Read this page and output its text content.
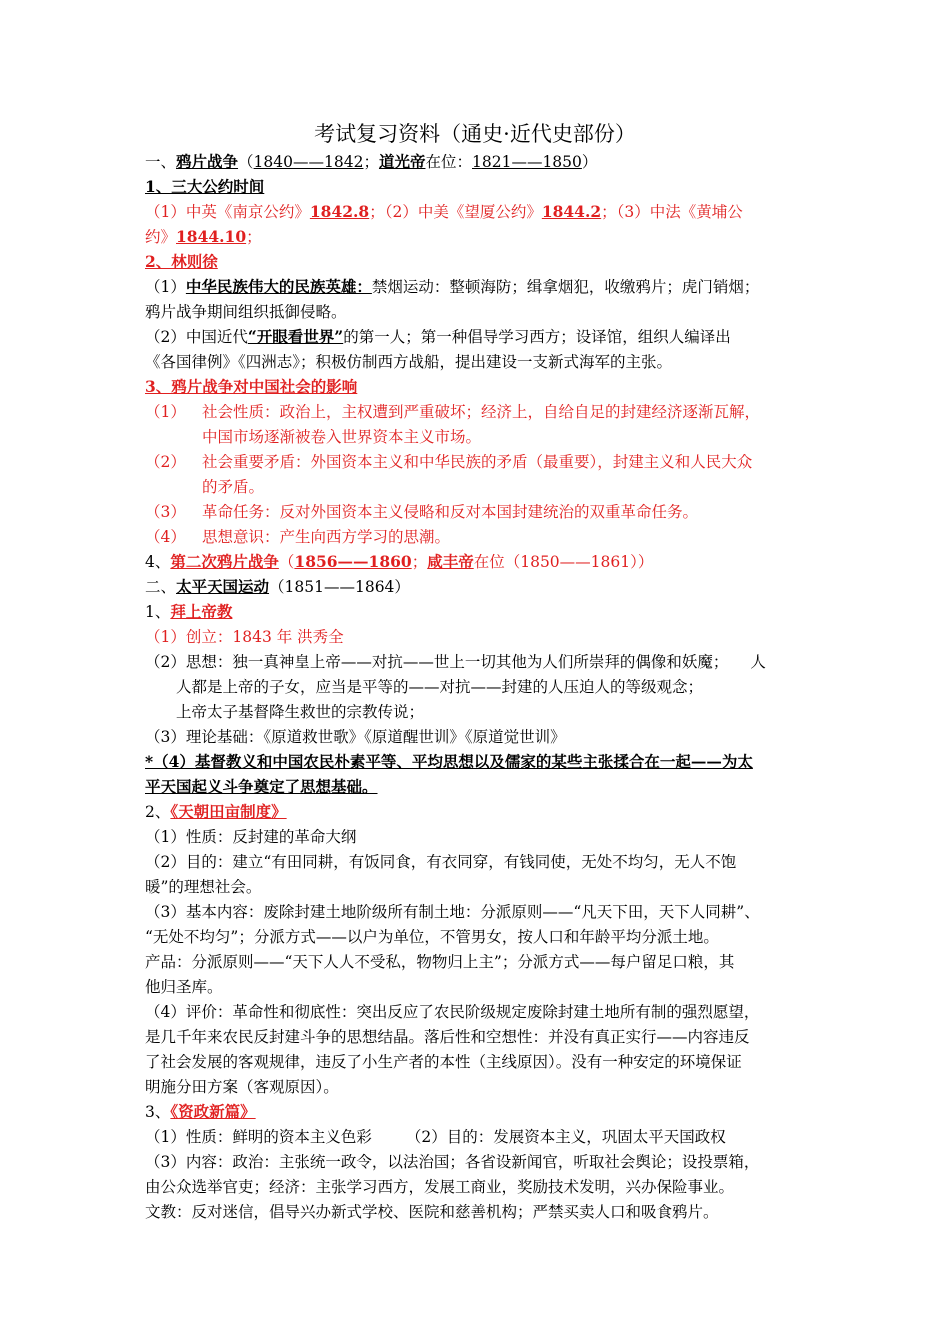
考试复习资料（通史·近代史部份）
一、鸦片战争（1840——1842；道光帝在位：1821——1850）
1、三大公约时间
（1）中英《南京公约》1842.8；（2）中美《望厦公约》1844.2；（3）中法《黄埔公
约》1844.10；
2、林则徐
（1）中华民族伟大的民族英雄：禁烟运动：整顿海防；缉拿烟犯，收缴鸦片；虎门销烟；
鸦片战争期间组织抵御侵略。
（2）中国近代“开眼看世界”的第一人；第一种倡导学习西方；设译馆，组织人编译出
《各国律例》《四洲志》；积极仿制西方战船，提出建设一支新式海军的主张。
3、鸦片战争对中国社会的影响
（1） 社会性质：政治上，主权遭到严重破坏；经济上，自给自足的封建经济逐渐瓦解，
中国市场逐渐被卷入世界资本主义市场。
（2） 社会重要矛盾：外国资本主义和中华民族的矛盾（最重要），封建主义和人民大众
的矛盾。
（3） 革命任务：反对外国资本主义侵略和反对本国封建统治的双重革命任务。
（4） 思想意识：产生向西方学习的思潮。
4、第二次鸦片战争（1856——1860；咸丰帝在位（1850——1861））
二、太平天国运动（1851——1864）
1、拜上帝教
（1）创立：1843 年 洪秀全
（2）思想：独一真神皇上帝——对抗——世上一切其他为人们所崇拜的偶像和妖魔； 人
人都是上帝的子女，应当是平等的——对抗——封建的人压迫人的等级观念；
上帝太子基督降生救世的宗教传说；
（3）理论基础：《原道救世歌》《原道醒世训》《原道觉世训》
*（4）基督教义和中国农民朴素平等、平均思想以及儒家的某些主张揉合在一起——为太
平天国起义斗争奠定了思想基础。
2、《天朝田亩制度》
（1）性质：反封建的革命大纲
（2）目的：建立“有田同耕，有饭同食，有衣同穿，有钱同使，无处不均匀，无人不饱
暖”的理想社会。
（3）基本内容：废除封建土地阶级所有制土地：分派原则——“凡天下田，天下人同耕”、
“无处不均匀”；分派方式——以户为单位，不管男女，按人口和年龄平均分派土地。
产品：分派原则——“天下人人不受私，物物归上主”；分派方式——每户留足口粮，其
他归圣库。
（4）评价：革命性和彻底性：突出反应了农民阶级规定废除封建土地所有制的强烈愿望，
是几千年来农民反封建斗争的思想结晶。落后性和空想性：并没有真正实行——内容违反
了社会发展的客观规律，违反了小生产者的本性（主线原因）。没有一种安定的环境保证
明施分田方案（客观原因）。
3、《资政新篇》
（1）性质：鲜明的资本主义色彩 （2）目的：发展资本主义，巩固太平天国政权
（3）内容：政治：主张统一政令，以法治国；各省设新闻官，听取社会舆论；设投票箱，
由公众选举官吏；经济：主张学习西方，发展工商业，奖励技术发明，兴办保险事业。
文教：反对迷信，倡导兴办新式学校、医院和慈善机构；严禁买卖人口和吸食鸦片。
